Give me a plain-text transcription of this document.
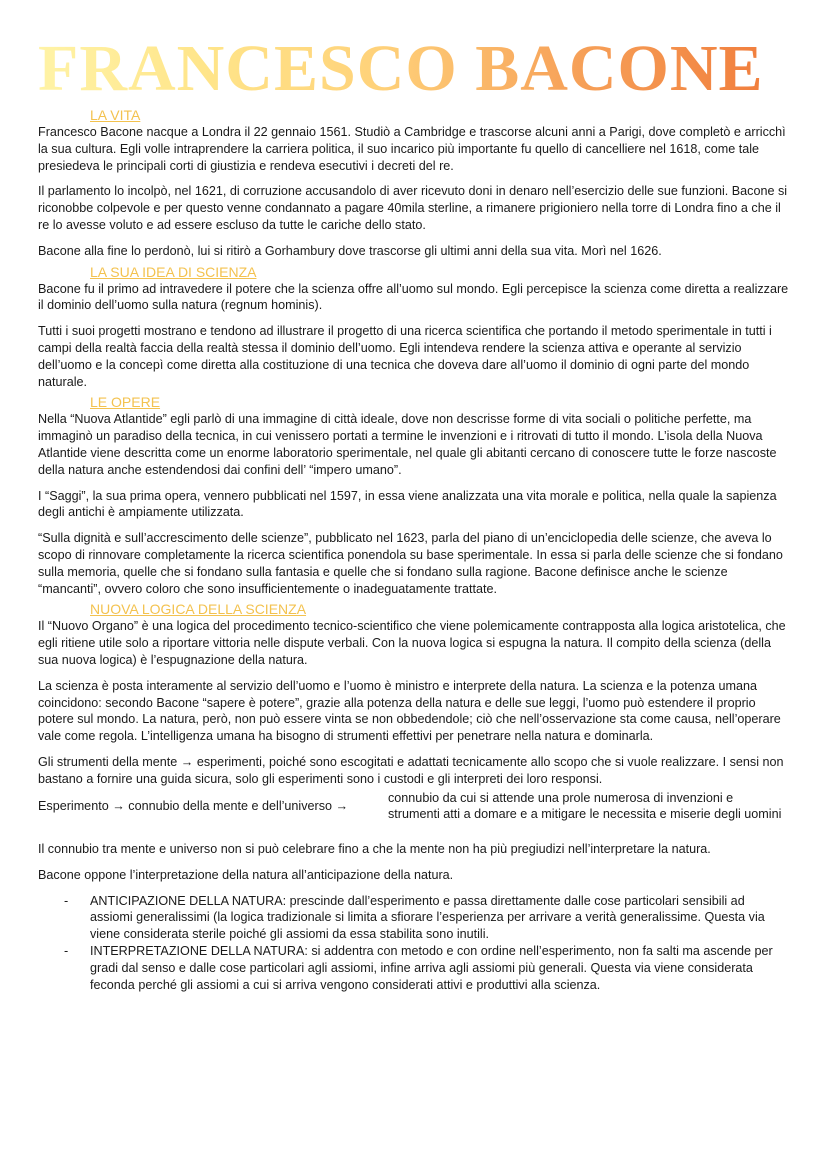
FRANCESCO BACONE
LA VITA

Francesco Bacone nacque a Londra il 22 gennaio 1561. Studiò a Cambridge e trascorse alcuni anni a Parigi, dove completò e arricchì la sua cultura. Egli volle intraprendere la carriera politica, il suo incarico più importante fu quello di cancelliere nel 1618, come tale presiedeva le principali corti di giustizia e rendeva esecutivi i decreti del re.

Il parlamento lo incolpò, nel 1621, di corruzione accusandolo di aver ricevuto doni in denaro nell’esercizio delle sue funzioni. Bacone si riconobbe colpevole e per questo venne condannato a pagare 40mila sterline, a rimanere prigioniero nella torre di Londra fino a che il re lo avesse voluto e ad essere escluso da tutte le cariche dello stato.

Bacone alla fine lo perdonò, lui si ritirò a Gorhambury dove trascorse gli ultimi anni della sua vita. Morì nel 1626.

LA SUA IDEA DI SCIENZA

Bacone fu il primo ad intravedere il potere che la scienza offre all’uomo sul mondo. Egli percepisce la scienza come diretta a realizzare il dominio dell’uomo sulla natura (regnum hominis).

Tutti i suoi progetti mostrano e tendono ad illustrare il progetto di una ricerca scientifica che portando il metodo sperimentale in tutti i campi della realtà faccia della realtà stessa il dominio dell’uomo. Egli intendeva rendere la scienza attiva e operante al servizio dell’uomo e la concepì come diretta alla costituzione di una tecnica che doveva dare all’uomo il dominio di ogni parte del mondo naturale.

LE OPERE

Nella “Nuova Atlantide” egli parlò di una immagine di città ideale, dove non descrisse forme di vita sociali o politiche perfette, ma immaginò un paradiso della tecnica, in cui venissero portati a termine le invenzioni e i ritrovati di tutto il mondo. L’isola della Nuova Atlantide viene descritta come un enorme laboratorio sperimentale, nel quale gli abitanti cercano di conoscere tutte le forze nascoste della natura anche estendendosi dai confini dell’ “impero umano”.

I “Saggi”, la sua prima opera, vennero pubblicati nel 1597, in essa viene analizzata una vita morale e politica, nella quale la sapienza degli antichi è ampiamente utilizzata.

“Sulla dignità e sull’accrescimento delle scienze”, pubblicato nel 1623, parla del piano di un’enciclopedia delle scienze, che aveva lo scopo di rinnovare completamente la ricerca scientifica ponendola su base sperimentale. In essa si parla delle scienze che si fondano sulla memoria, quelle che si fondano sulla fantasia e quelle che si fondano sulla ragione. Bacone definisce anche le scienze “mancanti”, ovvero coloro che sono insufficientemente o inadeguatamente trattate.

NUOVA LOGICA DELLA SCIENZA

Il “Nuovo Organo” è una logica del procedimento tecnico-scientifico che viene polemicamente contrapposta alla logica aristotelica, che egli ritiene utile solo a riportare vittoria nelle dispute verbali. Con la nuova logica si espugna la natura. Il compito della scienza (della sua nuova logica) è l’espugnazione della natura.

La scienza è posta interamente al servizio dell’uomo e l’uomo è ministro e interprete della natura. La scienza e la potenza umana coincidono: secondo Bacone “sapere è potere”, grazie alla potenza della natura e delle sue leggi, l’uomo può estendere il proprio potere sul mondo. La natura, però, non può essere vinta se non obbedendole; ciò che nell’osservazione sta come causa, nell’operare vale come regola. L’intelligenza umana ha bisogno di strumenti effettivi per penetrare nella natura e dominarla.

Gli strumenti della mente → esperimenti, poiché sono escogitati e adattati tecnicamente allo scopo che si vuole realizzare. I sensi non bastano a fornire una guida sicura, solo gli esperimenti sono i custodi e gli interpreti dei loro responsi.

Esperimento → connubio della mente e dell’universo →
connubio da cui si attende una prole numerosa di invenzioni e strumenti atti a domare e a mitigare le necessita e miserie degli uomini

Il connubio tra mente e universo non si può celebrare fino a che la mente non ha più pregiudizi nell’interpretare la natura.

Bacone oppone l’interpretazione della natura all’anticipazione della natura.

- ANTICIPAZIONE DELLA NATURA: prescinde dall’esperimento e passa direttamente dalle cose particolari sensibili ad assiomi generalissimi (la logica tradizionale si limita a sfiorare l’esperienza per arrivare a verità generalissime. Questa via viene considerata sterile poiché gli assiomi da essa stabilita sono inutili.
- INTERPRETAZIONE DELLA NATURA: si addentra con metodo e con ordine nell’esperimento, non fa salti ma ascende per gradi dal senso e dalle cose particolari agli assiomi, infine arriva agli assiomi più generali. Questa via viene considerata feconda perché gli assiomi a cui si arriva vengono considerati attivi e produttivi alla scienza.
